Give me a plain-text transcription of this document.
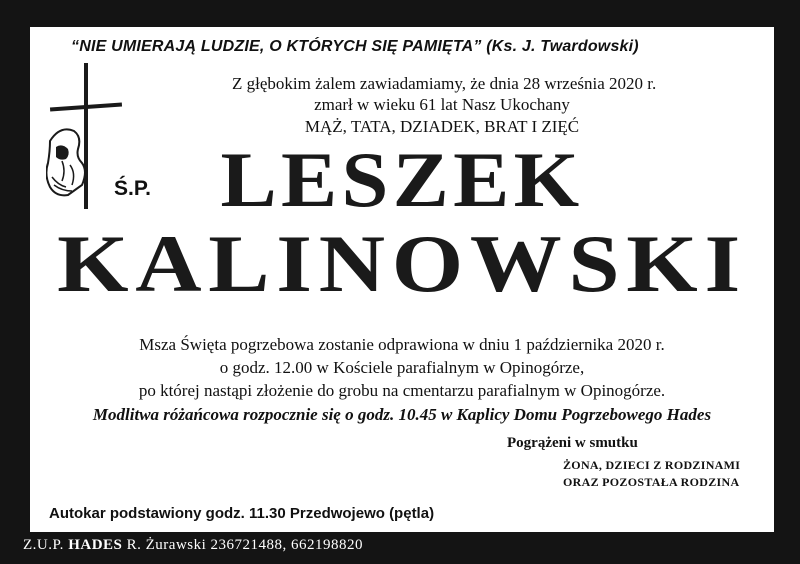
“NIE UMIERAJĄ LUDZIE, O KTÓRYCH SIĘ PAMIĘTA” (Ks. J. Twardowski)
Z głębokim żalem zawiadamiamy, że dnia 28 września 2020 r.
zmarł w wieku 61 lat Nasz Ukochany
MĄŻ, TATA, DZIADEK, BRAT I ZIĘĆ
Ś.P. LESZEK
KALINOWSKI
Msza Święta pogrzebowa zostanie odprawiona w dniu 1 października 2020 r.
o godz. 12.00 w Kościele parafialnym w Opinogórze,
po której nastąpi złożenie do grobu na cmentarzu parafialnym w Opinogórze.
Modlitwa różańcowa rozpocznie się o godz. 10.45 w Kaplicy Domu Pogrzebowego Hades
Pogrążeni w smutku
ŻONA, DZIECI Z RODZINAMI
ORAZ POZOSTAŁA RODZINA
Autokar podstawiony godz. 11.30 Przedwojewo (pętla)
Z.U.P. HADES R. Żurawski 236721488, 662198820
